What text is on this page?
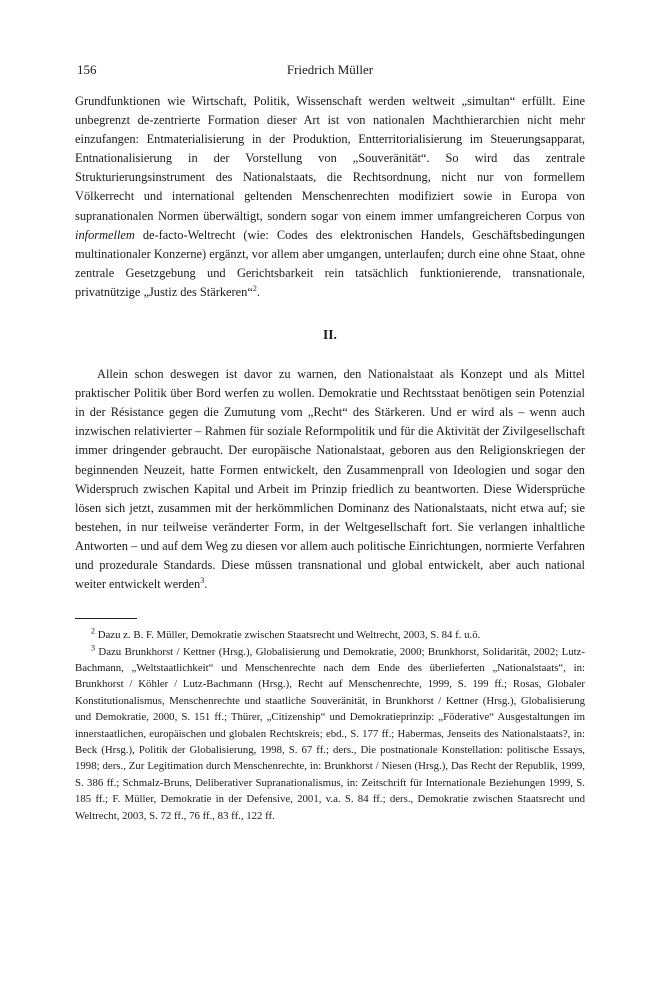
156	Friedrich Müller

Grundfunktionen wie Wirtschaft, Politik, Wissenschaft werden weltweit „simultan“ erfüllt. Eine unbegrenzt de-zentrierte Formation dieser Art ist von nationalen Machthierarchien nicht mehr einzufangen: Entmaterialisierung in der Produktion, Entterritorialisierung im Steuerungsapparat, Entnationalisierung in der Vorstellung von „Souveränität“. So wird das zentrale Strukturierungsinstrument des Nationalstaats, die Rechtsordnung, nicht nur von formellem Völkerrecht und international geltenden Menschenrechten modifiziert sowie in Europa von supranationalen Normen überwältigt, sondern sogar von einem immer umfangreicheren Corpus von informellem de-facto-Weltrecht (wie: Codes des elektronischen Handels, Geschäftsbedingungen multinationaler Konzerne) ergänzt, vor allem aber umgangen, unterlaufen; durch eine ohne Staat, ohne zentrale Gesetzgebung und Gerichtsbarkeit rein tatsächlich funktionierende, transnationale, privatnützige „Justiz des Stärkeren“$^2$.

II.

Allein schon deswegen ist davor zu warnen, den Nationalstaat als Konzept und als Mittel praktischer Politik über Bord werfen zu wollen. Demokratie und Rechtsstaat benötigen sein Potenzial in der Résistance gegen die Zumutung vom „Recht“ des Stärkeren. Und er wird als – wenn auch inzwischen relativierter – Rahmen für soziale Reformpolitik und für die Aktivität der Zivilgesellschaft immer dringender gebraucht. Der europäische Nationalstaat, geboren aus den Religionskriegen der beginnenden Neuzeit, hatte Formen entwickelt, den Zusammenprall von Ideologien und sogar den Widerspruch zwischen Kapital und Arbeit im Prinzip friedlich zu beantworten. Diese Widersprüche lösen sich jetzt, zusammen mit der herkömmlichen Dominanz des Nationalstaats, nicht etwa auf; sie bestehen, in nur teilweise veränderter Form, in der Weltgesellschaft fort. Sie verlangen inhaltliche Antworten – und auf dem Weg zu diesen vor allem auch politische Einrichtungen, normierte Verfahren und prozedurale Standards. Diese müssen transnational und global entwickelt, aber auch national weiter entwickelt werden$^3$.

$^2$ Dazu z. B. F. Müller, Demokratie zwischen Staatsrecht und Weltrecht, 2003, S. 84 f. u.ö.

$^3$ Dazu Brunkhorst / Kettner (Hrsg.), Globalisierung und Demokratie, 2000; Brunkhorst, Solidarität, 2002; Lutz-Bachmann, „Weltstaatlichkeit“ und Menschenrechte nach dem Ende des überlieferten „Nationalstaats“, in: Brunkhorst / Köhler / Lutz-Bachmann (Hrsg.), Recht auf Menschenrechte, 1999, S. 199 ff.; Rosas, Globaler Konstitutionalismus, Menschenrechte und staatliche Souveränität, in Brunkhorst / Kettner (Hrsg.), Globalisierung und Demokratie, 2000, S. 151 ff.; Thürer, „Citizenship“ und Demokratieprinzip: „Föderative“ Ausgestaltungen im innerstaatlichen, europäischen und globalen Rechtskreis; ebd., S. 177 ff.; Habermas, Jenseits des Nationalstaats?, in: Beck (Hrsg.), Politik der Globalisierung, 1998, S. 67 ff.; ders., Die postnationale Konstellation: politische Essays, 1998; ders., Zur Legitimation durch Menschenrechte, in: Brunkhorst / Niesen (Hrsg.), Das Recht der Republik, 1999, S. 386 ff.; Schmalz-Bruns, Deliberativer Supranationalismus, in: Zeitschrift für Internationale Beziehungen 1999, S. 185 ff.; F. Müller, Demokratie in der Defensive, 2001, v.a. S. 84 ff.; ders., Demokratie zwischen Staatsrecht und Weltrecht, 2003, S. 72 ff., 76 ff., 83 ff., 122 ff.
